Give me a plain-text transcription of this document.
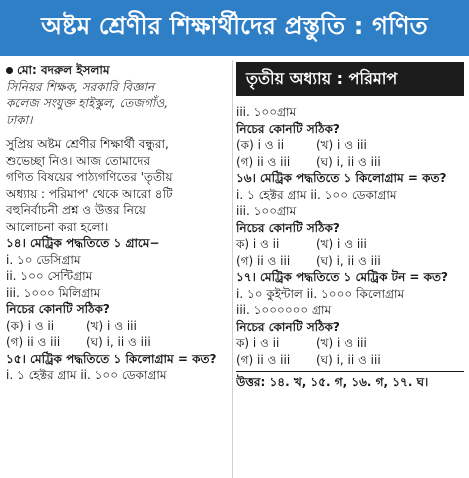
অষ্টম শ্রেণীর শিক্ষার্থীদের প্রস্তুতি : গণিত
মো: বদরুল ইসলাম
সিনিয়র শিক্ষক, সরকারি বিজ্ঞান
কলেজ সংযুক্ত হাইস্কুল, তেজগাঁও,
ঢাকা।
সুপ্রিয় অষ্টম শ্রেণীর শিক্ষার্থী বন্ধুরা,
শুভেচ্ছা নিও। আজ তোমাদের
গণিত বিষয়ের পাঠ্যগণিতের 'তৃতীয়
অধ্যায় : পরিমাপ' থেকে আরো ৪টি
বহুনির্বাচনী প্রশ্ন ও উত্তর নিয়ে
আলোচনা করা হলো।
১৪। মেট্রিক পদ্ধতিতে ১ গ্রামে−
i. ১০ ডেসিগ্রাম
ii. ১০০ সেন্টিগ্রাম
iii. ১০০০ মিলিগ্রাম
নিচের কোনটি সঠিক?
(ক) i ও ii	(খ) i ও iii
(গ) ii ও iii	(ঘ) i, ii ও iii
১৫। মেট্রিক পদ্ধতিতে ১ কিলোগ্রাম = কত?
i. ১ হেক্টর গ্রাম ii. ১০০ ডেকাগ্রাম
তৃতীয় অধ্যায় : পরিমাপ
iii. ১০০গ্রাম
নিচের কোনটি সঠিক?
(ক) i ও ii	(খ) i ও iii
(গ) ii ও iii	(ঘ) i, ii ও iii
১৬। মেট্রিক পদ্ধতিতে ১ কিলোগ্রাম = কত?
i. ১ হেক্টর গ্রাম ii. ১০০ ডেকাগ্রাম
iii. ১০০গ্রাম
নিচের কোনটি সঠিক?
ক) i ও ii	(খ) i ও iii
(গ) ii ও iii	(ঘ) i, ii ও iii
১৭। মেট্রিক পদ্ধতিতে ১ মেট্রিক টন = কত?
i. ১০ কুইন্টাল ii. ১০০০ কিলোগ্রাম
iii. ১০০০০০০ গ্রাম
নিচের কোনটি সঠিক?
ক) i ও ii	(খ) i ও iii
(গ) ii ও iii	(ঘ) i, ii ও iii
উত্তর: ১৪. খ, ১৫. গ, ১৬. গ, ১৭. ঘ।
